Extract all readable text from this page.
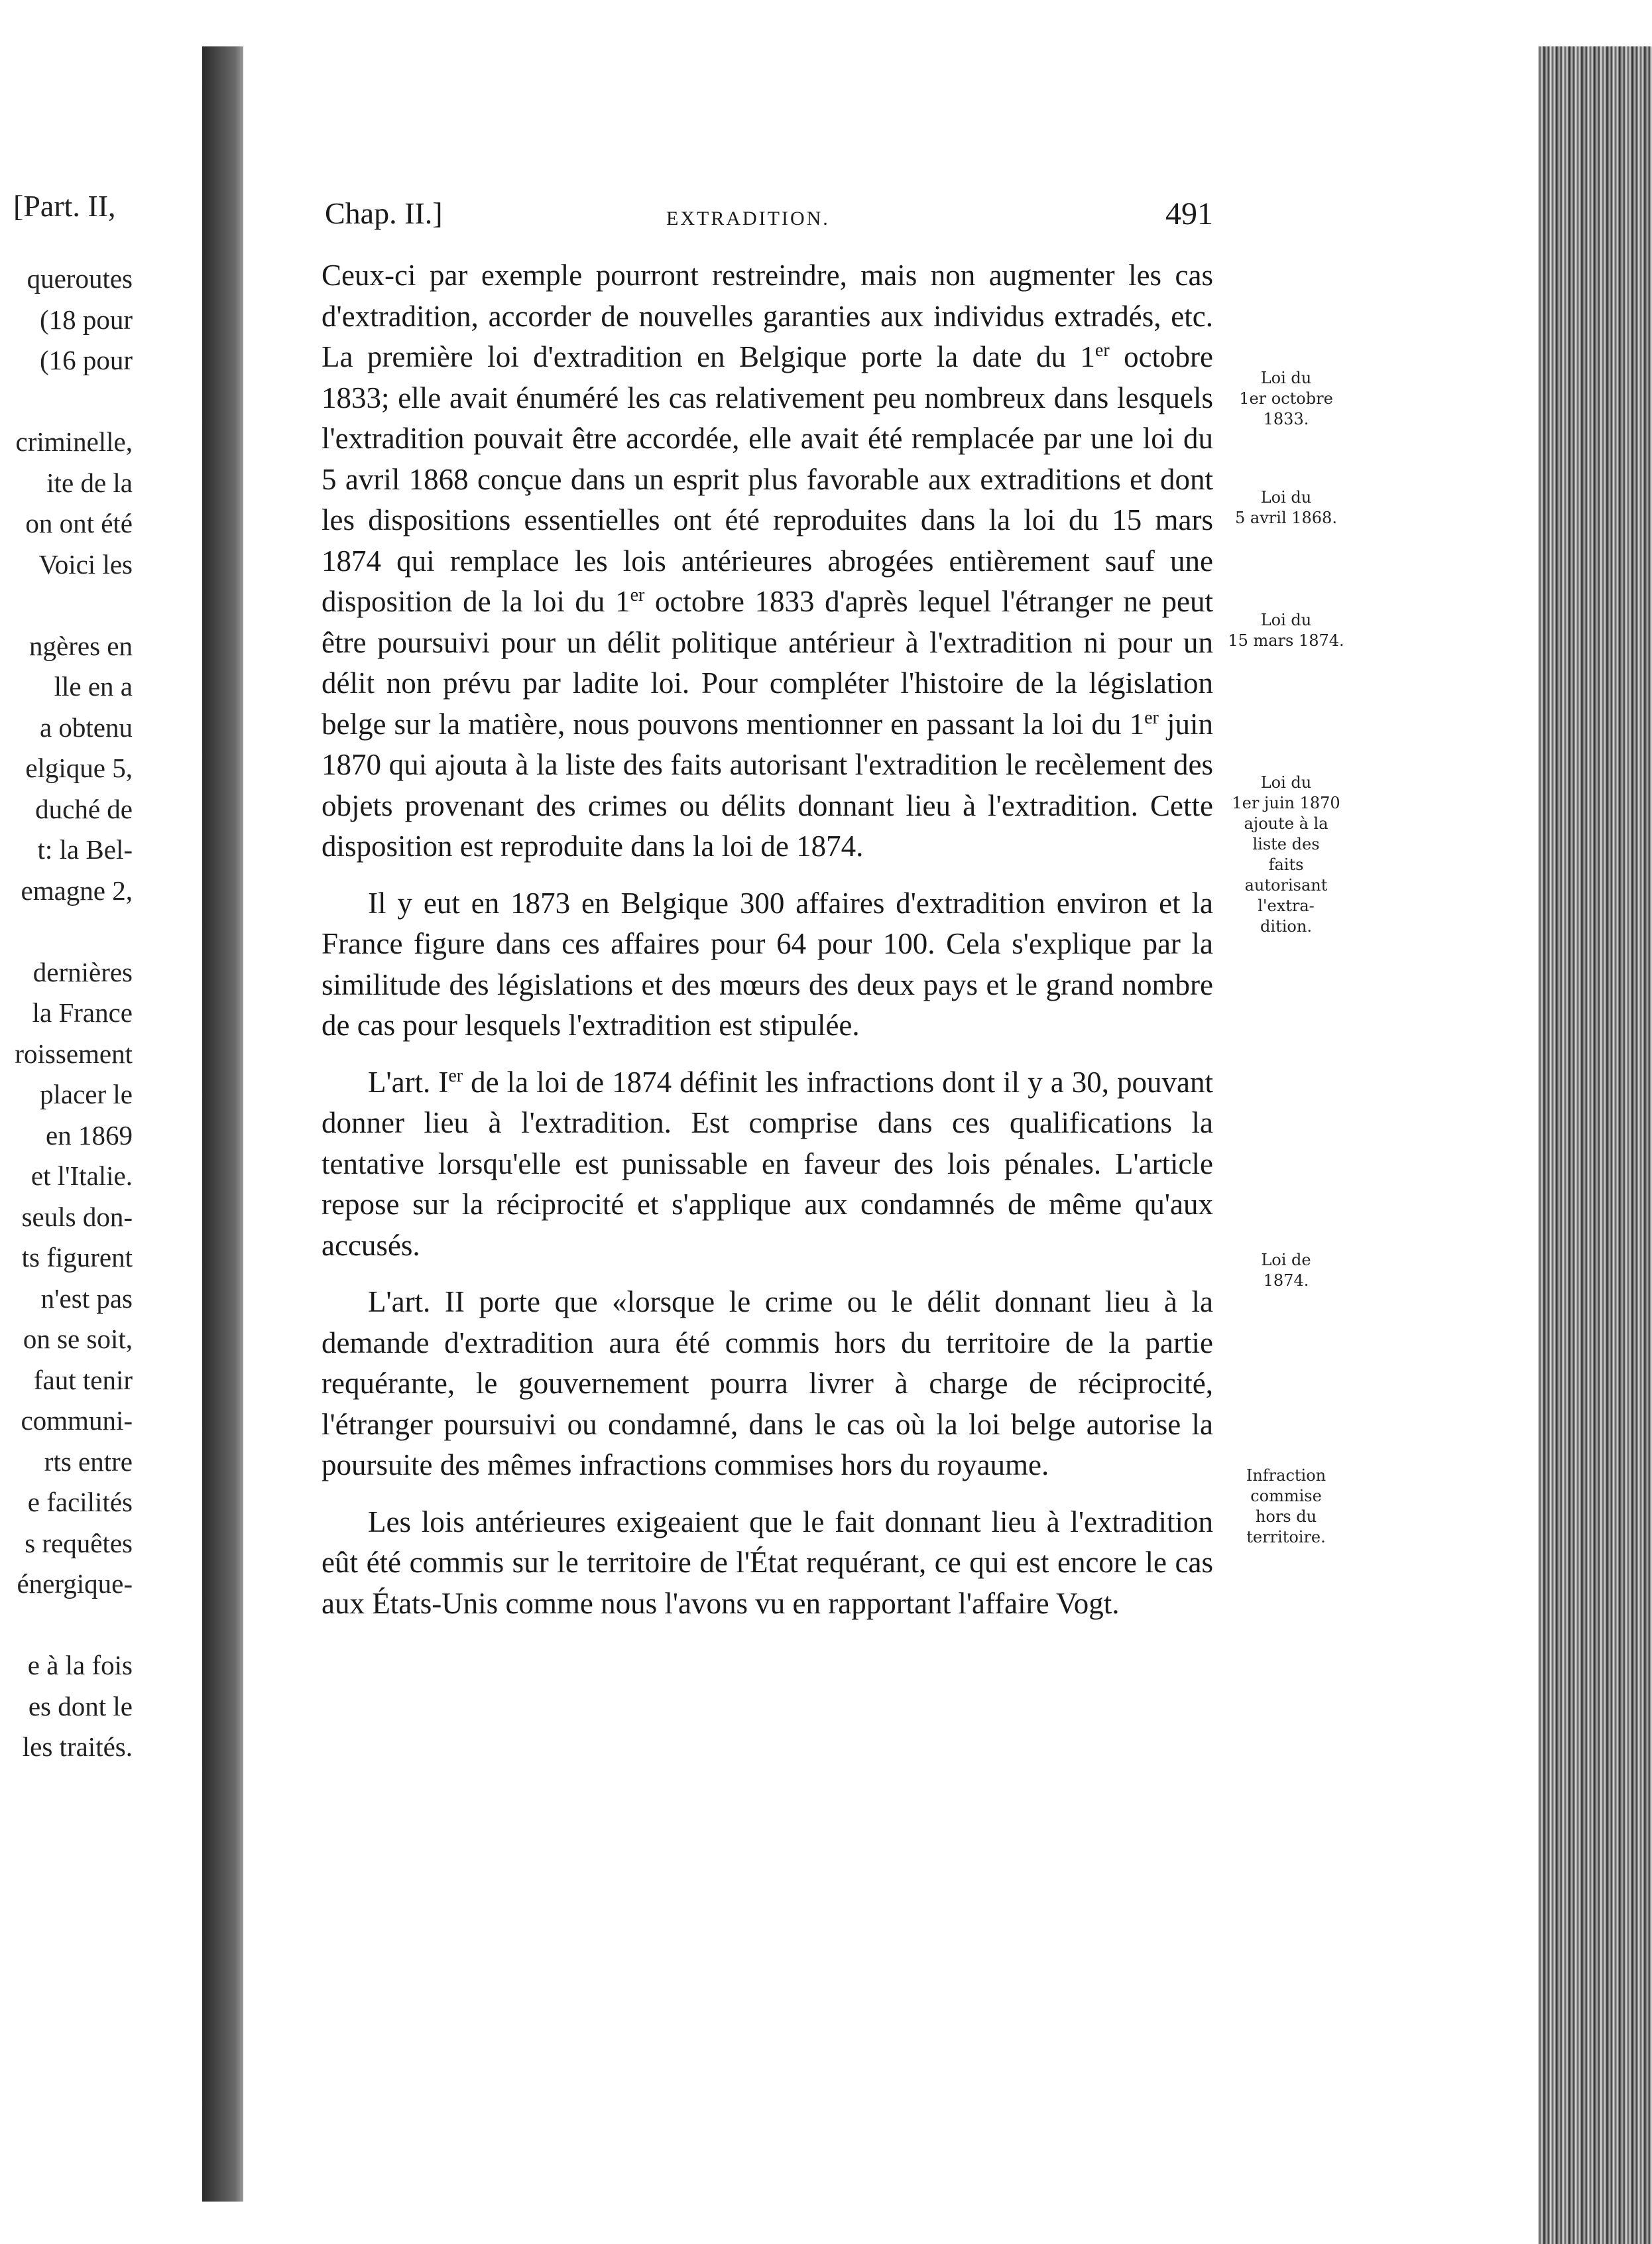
[Part. II,
queroutes
(18 pour
(16 pour
criminelle,
ite de la
on ont été
Voici les
ngères en
lle en a
a obtenu
elgique 5,
duché de
t: la Bel-
emagne 2,
dernières
la France
roissement
placer le
en 1869
et l'Italie.
seuls don-
ts figurent
n'est pas
on se soit,
faut tenir
communi-
rts entre
e facilités
s requêtes
énergique-
e à la fois
es dont le
les traités.
Chap. II.]	EXTRADITION.	491

Ceux-ci par exemple pourront restreindre, mais non augmenter les cas d'extradition, accorder de nouvelles garanties aux individus extradés, etc. La première loi d'extradition en Belgique porte la date du 1er octobre 1833; elle avait énuméré les cas relativement peu nombreux dans lesquels l'extradition pouvait être accordée, elle avait été remplacée par une loi du 5 avril 1868 conçue dans un esprit plus favorable aux extraditions et dont les dispositions essentielles ont été reproduites dans la loi du 15 mars 1874 qui remplace les lois antérieures abrogées entièrement sauf une disposition de la loi du 1er octobre 1833 d'après lequel l'étranger ne peut être poursuivi pour un délit politique antérieur à l'extradition ni pour un délit non prévu par ladite loi. Pour compléter l'histoire de la législation belge sur la matière, nous pouvons mentionner en passant la loi du 1er juin 1870 qui ajouta à la liste des faits autorisant l'extradition le recèlement des objets provenant des crimes ou délits donnant lieu à l'extradition. Cette disposition est reproduite dans la loi de 1874.

Il y eut en 1873 en Belgique 300 affaires d'extradition environ et la France figure dans ces affaires pour 64 pour 100. Cela s'explique par la similitude des législations et des mœurs des deux pays et le grand nombre de cas pour lesquels l'extradition est stipulée.

L'art. Ier de la loi de 1874 définit les infractions dont il y a 30, pouvant donner lieu à l'extradition. Est comprise dans ces qualifications la tentative lorsqu'elle est punissable en faveur des lois pénales. L'article repose sur la réciprocité et s'applique aux condamnés de même qu'aux accusés.

L'art. II porte que «lorsque le crime ou le délit donnant lieu à la demande d'extradition aura été commis hors du territoire de la partie requérante, le gouvernement pourra livrer à charge de réciprocité, l'étranger poursuivi ou condamné, dans le cas où la loi belge autorise la poursuite des mêmes infractions commises hors du royaume.

Les lois antérieures exigeaient que le fait donnant lieu à l'extradition eût été commis sur le territoire de l'État requérant, ce qui est encore le cas aux États-Unis comme nous l'avons vu en rapportant l'affaire Vogt.

Loi du
1er octobre
1833.
Loi du
5 avril 1868.
Loi du
15 mars 1874.
Loi du
1er juin 1870
ajoute à la
liste des
faits
autorisant
l'extra-
dition.
Loi de
1874.
Infraction
commise
hors du
territoire.
